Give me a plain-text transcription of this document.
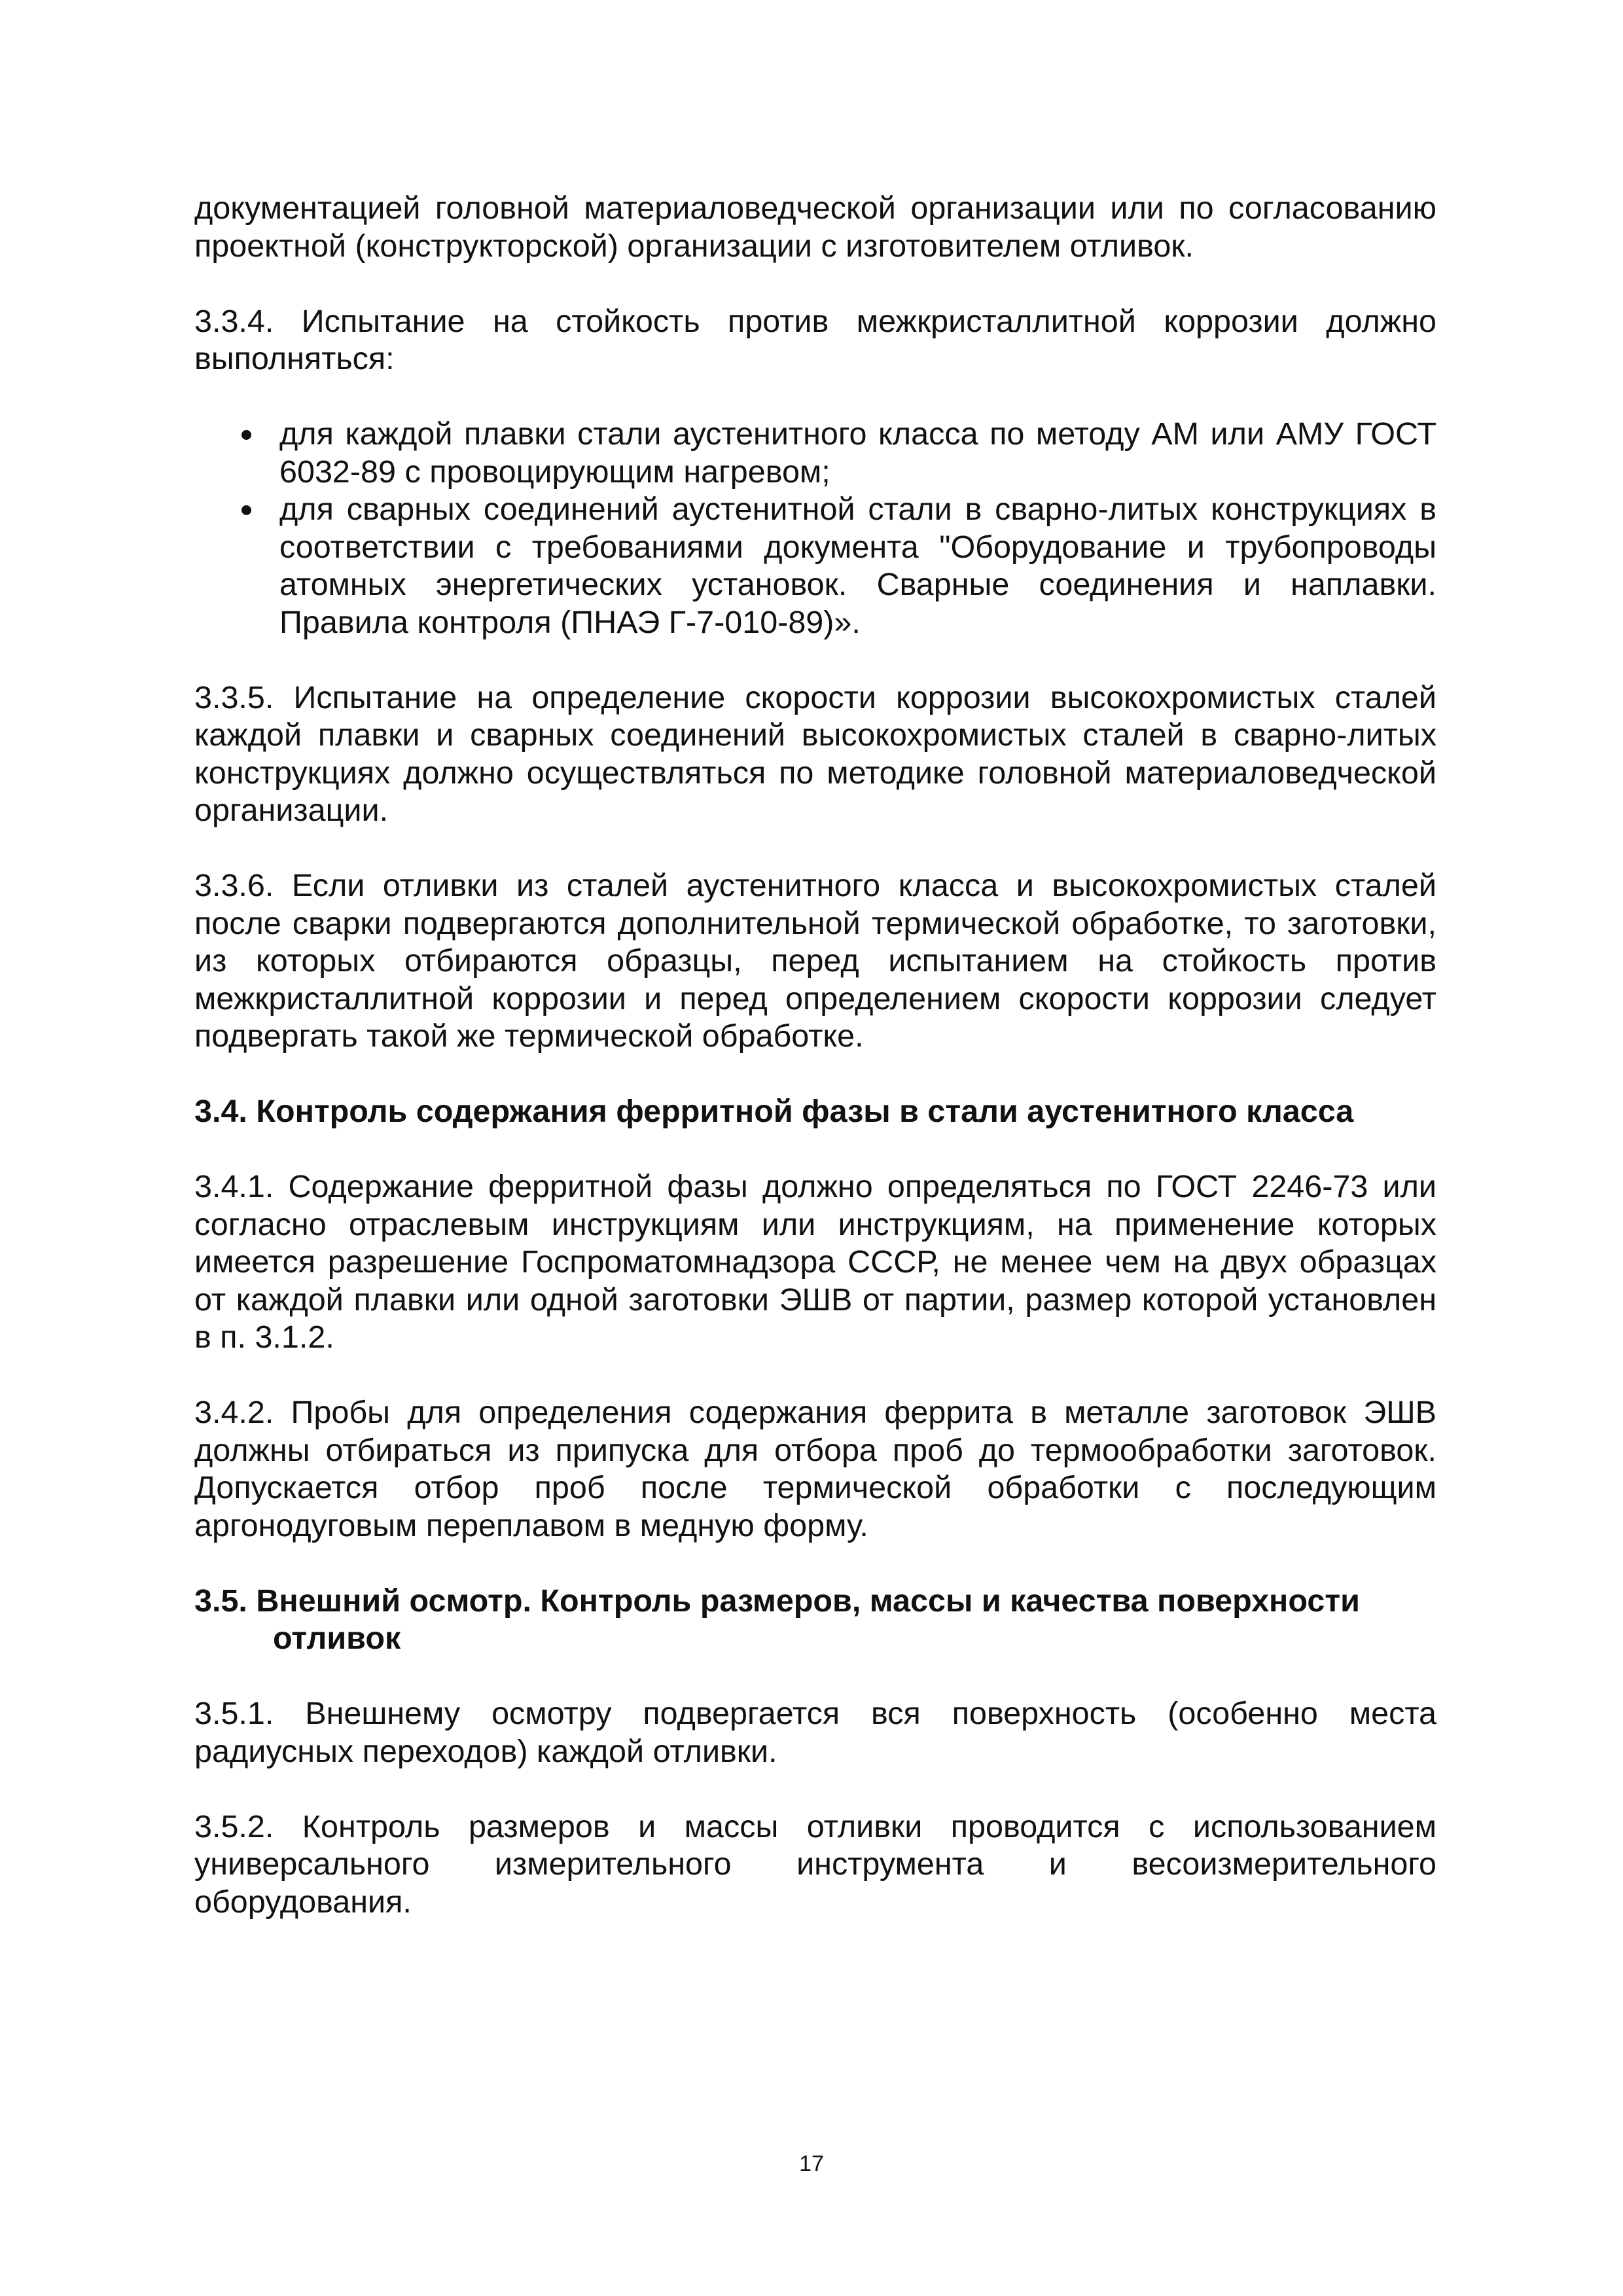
документацией головной материаловедческой организации или по согласованию проектной (конструкторской) организации с изготовителем отливок.

3.3.4. Испытание на стойкость против межкристаллитной коррозии должно выполняться:

для каждой плавки стали аустенитного класса по методу АМ или АМУ ГОСТ 6032-89 с провоцирующим нагревом;
для сварных соединений аустенитной стали в сварно-литых конструкциях в соответствии с требованиями документа "Оборудование и трубопроводы атомных энергетических установок. Сварные соединения и наплавки. Правила контроля (ПНАЭ Г-7-010-89)».

3.3.5. Испытание на определение скорости коррозии высокохромистых сталей каждой плавки и сварных соединений высокохромистых сталей в сварно-литых конструкциях должно осуществляться по методике головной материаловедческой организации.

3.3.6. Если отливки из сталей аустенитного класса и высокохромистых сталей после сварки подвергаются дополнительной термической обработке, то заготовки, из которых отбираются образцы, перед испытанием на стойкость против межкристаллитной коррозии и перед определением скорости коррозии следует подвергать такой же термической обработке.

3.4. Контроль содержания ферритной фазы в стали аустенитного класса

3.4.1. Содержание ферритной фазы должно определяться по ГОСТ 2246-73 или согласно отраслевым инструкциям или инструкциям, на применение которых имеется разрешение Госпроматомнадзора СССР, не менее чем на двух образцах от каждой плавки или одной заготовки ЭШВ от партии, размер которой установлен в п. 3.1.2.

3.4.2. Пробы для определения содержания феррита в металле заготовок ЭШВ должны отбираться из припуска для отбора проб до термообработки заготовок. Допускается отбор проб после термической обработки с последующим аргонодуговым переплавом в медную форму.

3.5. Внешний осмотр. Контроль размеров, массы и качества поверхности
отливок

3.5.1. Внешнему осмотру подвергается вся поверхность (особенно места радиусных переходов) каждой отливки.

3.5.2. Контроль размеров и массы отливки проводится с использованием универсального измерительного инструмента и весоизмерительного оборудования.

17
